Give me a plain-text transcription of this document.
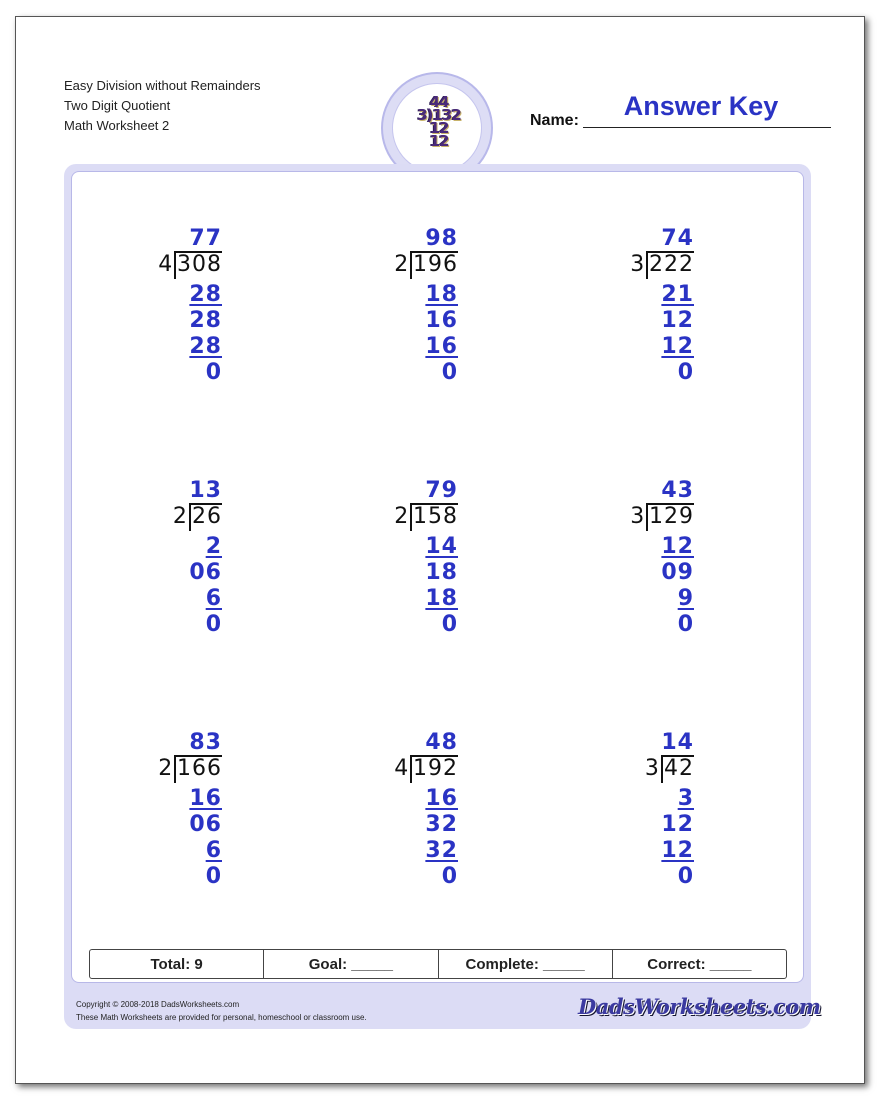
Easy Division without Remainders
Two Digit Quotient
Math Worksheet 2
44
3)132
12
12
Name:	Answer Key
77
308
4
28
28
28
0
98
196
2
18
16
16
0
74
222
3
21
12
12
0
13
26
2
2
06
6
0
79
158
2
14
18
18
0
43
129
3
12
09
9
0
83
166
2
16
06
6
0
48
192
4
16
32
32
0
14
42
3
3
12
12
0
Total: 9	Goal: _____	Complete: _____	Correct: _____
Copyright © 2008-2018 DadsWorksheets.com
These Math Worksheets are provided for personal, homeschool or classroom use.	DadsWorksheets.com
